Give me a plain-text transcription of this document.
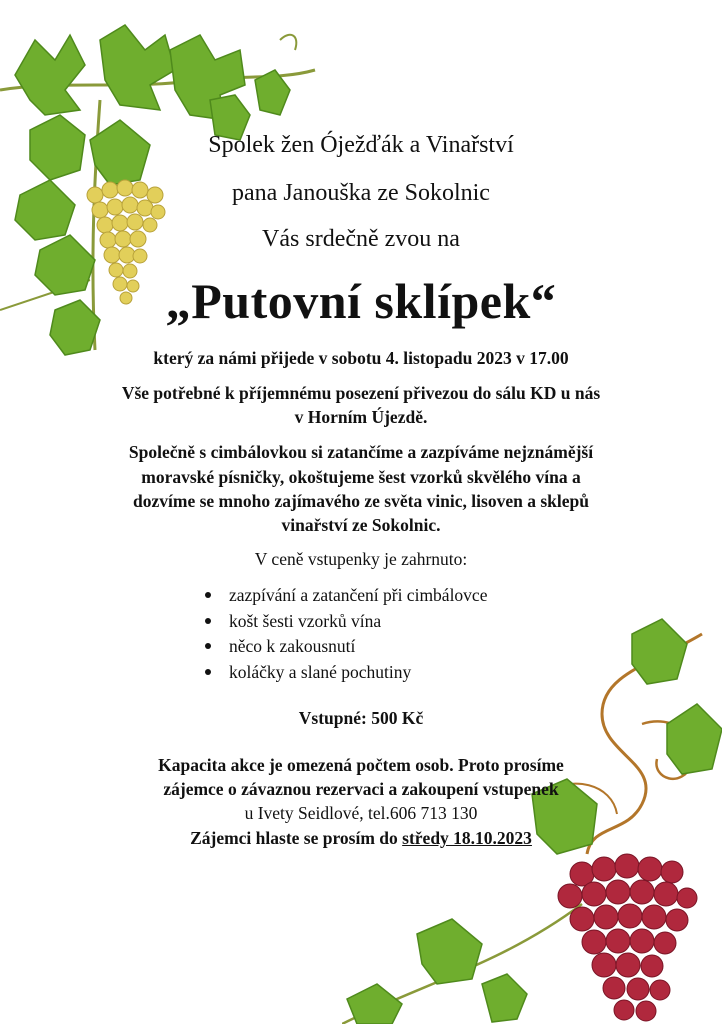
Spolek žen Óježďák a Vinařství
pana Janouška ze Sokolnic
Vás srdečně zvou na
„Putovní sklípek“
který za námi přijede v sobotu 4. listopadu 2023 v 17.00
Vše potřebné k příjemnému posezení přivezou do sálu KD u nás
v Horním Újezdě.
Společně s cimbálovkou si zatančíme a zazpíváme nejznámější
moravské písničky, okoštujeme šest vzorků skvělého vína a
dozvíme se mnoho zajímavého ze světa vinic, lisoven a sklepů
vinařství ze Sokolnic.
V ceně vstupenky je zahrnuto:
zazpívání a zatančení při cimbálovce
košt šesti vzorků vína
něco k zakousnutí
koláčky a slané pochutiny
Vstupné: 500 Kč
Kapacita akce je omezená počtem osob. Proto prosíme
zájemce o závaznou rezervaci a zakoupení vstupenek
u Ivety Seidlové, tel.606 713 130
Zájemci hlaste se prosím do středy 18.10.2023
